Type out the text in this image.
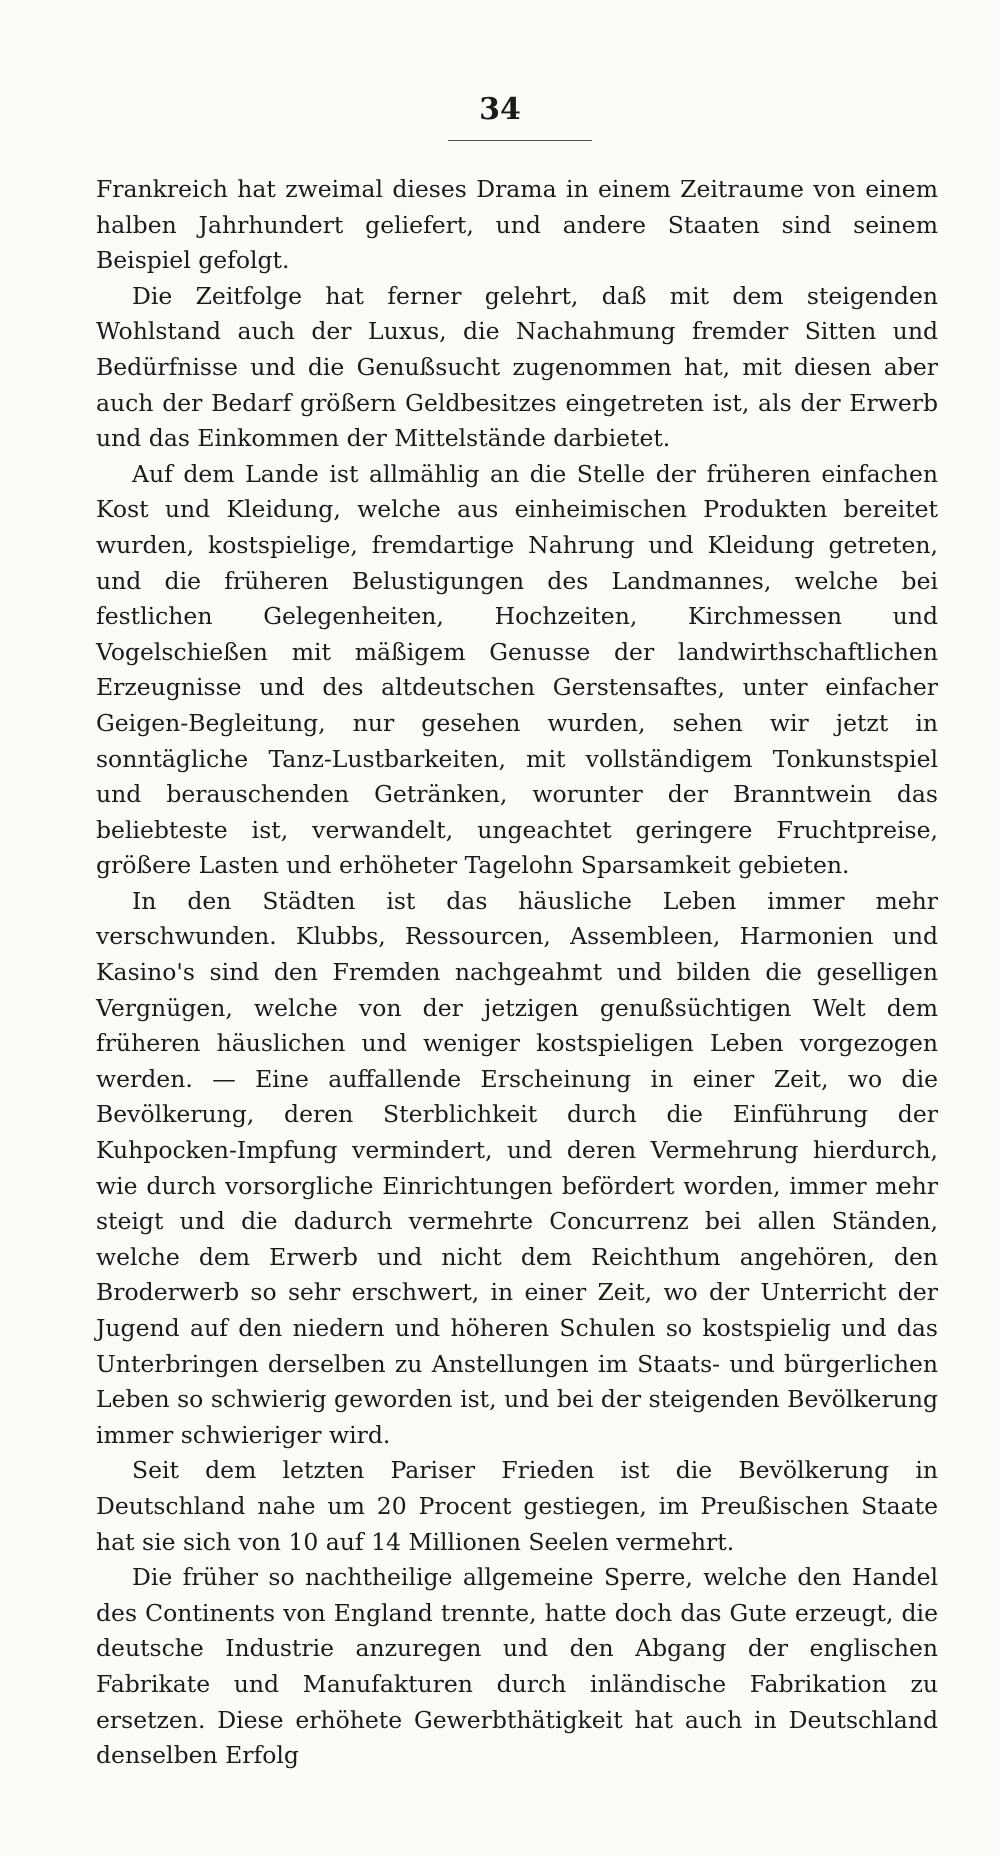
34

Frankreich hat zweimal dieses Drama in einem Zeitraume von einem halben Jahrhundert geliefert, und andere Staaten sind seinem Beispiel gefolgt.

Die Zeitfolge hat ferner gelehrt, daß mit dem steigenden Wohlstand auch der Luxus, die Nachahmung fremder Sitten und Bedürfnisse und die Genußsucht zugenommen hat, mit diesen aber auch der Bedarf größern Geldbesitzes eingetreten ist, als der Erwerb und das Einkommen der Mittelstände darbietet.

Auf dem Lande ist allmählig an die Stelle der früheren einfachen Kost und Kleidung, welche aus einheimischen Produkten bereitet wurden, kostspielige, fremdartige Nahrung und Kleidung getreten, und die früheren Belustigungen des Landmannes, welche bei festlichen Gelegenheiten, Hochzeiten, Kirchmessen und Vogelschießen mit mäßigem Genusse der landwirthschaftlichen Erzeugnisse und des altdeutschen Gerstensaftes, unter einfacher Geigen-Begleitung, nur gesehen wurden, sehen wir jetzt in sonntägliche Tanz-Lustbarkeiten, mit vollständigem Tonkunstspiel und berauschenden Getränken, worunter der Branntwein das beliebteste ist, verwandelt, ungeachtet geringere Fruchtpreise, größere Lasten und erhöheter Tagelohn Sparsamkeit gebieten.

In den Städten ist das häusliche Leben immer mehr verschwunden. Klubbs, Ressourcen, Assembleen, Harmonien und Kasino's sind den Fremden nachgeahmt und bilden die geselligen Vergnügen, welche von der jetzigen genußsüchtigen Welt dem früheren häuslichen und weniger kostspieligen Leben vorgezogen werden. — Eine auffallende Erscheinung in einer Zeit, wo die Bevölkerung, deren Sterblichkeit durch die Einführung der Kuhpocken-Impfung vermindert, und deren Vermehrung hierdurch, wie durch vorsorgliche Einrichtungen befördert worden, immer mehr steigt und die dadurch vermehrte Concurrenz bei allen Ständen, welche dem Erwerb und nicht dem Reichthum angehören, den Broderwerb so sehr erschwert, in einer Zeit, wo der Unterricht der Jugend auf den niedern und höheren Schulen so kostspielig und das Unterbringen derselben zu Anstellungen im Staats- und bürgerlichen Leben so schwierig geworden ist, und bei der steigenden Bevölkerung immer schwieriger wird.

Seit dem letzten Pariser Frieden ist die Bevölkerung in Deutschland nahe um 20 Procent gestiegen, im Preußischen Staate hat sie sich von 10 auf 14 Millionen Seelen vermehrt.

Die früher so nachtheilige allgemeine Sperre, welche den Handel des Continents von England trennte, hatte doch das Gute erzeugt, die deutsche Industrie anzuregen und den Abgang der englischen Fabrikate und Manufakturen durch inländische Fabrikation zu ersetzen. Diese erhöhete Gewerbthätigkeit hat auch in Deutschland denselben Erfolg
